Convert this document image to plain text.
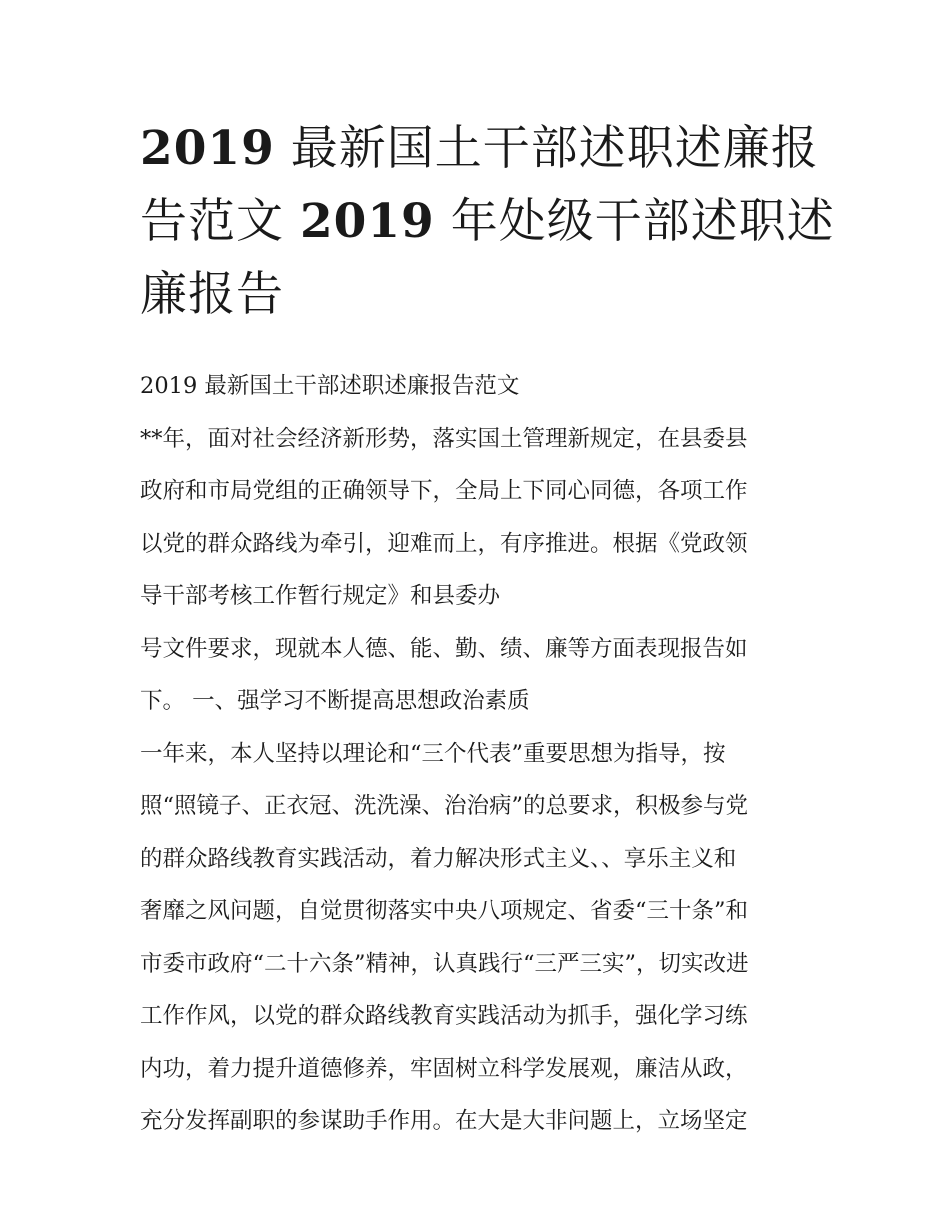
2019 最新国土干部述职述廉报
告范文 2019 年处级干部述职述
廉报告
2019 最新国土干部述职述廉报告范文
**年，面对社会经济新形势，落实国土管理新规定，在县委县
政府和市局党组的正确领导下，全局上下同心同德，各项工作
以党的群众路线为牵引，迎难而上，有序推进。根据《党政领
导干部考核工作暂行规定》和县委办
号文件要求，现就本人德、能、勤、绩、廉等方面表现报告如
下。 一、强学习不断提高思想政治素质
一年来，本人坚持以理论和“三个代表”重要思想为指导，按
照“照镜子、正衣冠、洗洗澡、治治病”的总要求，积极参与党
的群众路线教育实践活动，着力解决形式主义、、享乐主义和
奢靡之风问题，自觉贯彻落实中央八项规定、省委“三十条”和
市委市政府“二十六条”精神，认真践行“三严三实”，切实改进
工作作风，以党的群众路线教育实践活动为抓手，强化学习练
内功，着力提升道德修养，牢固树立科学发展观，廉洁从政，
充分发挥副职的参谋助手作用。在大是大非问题上，立场坚定
